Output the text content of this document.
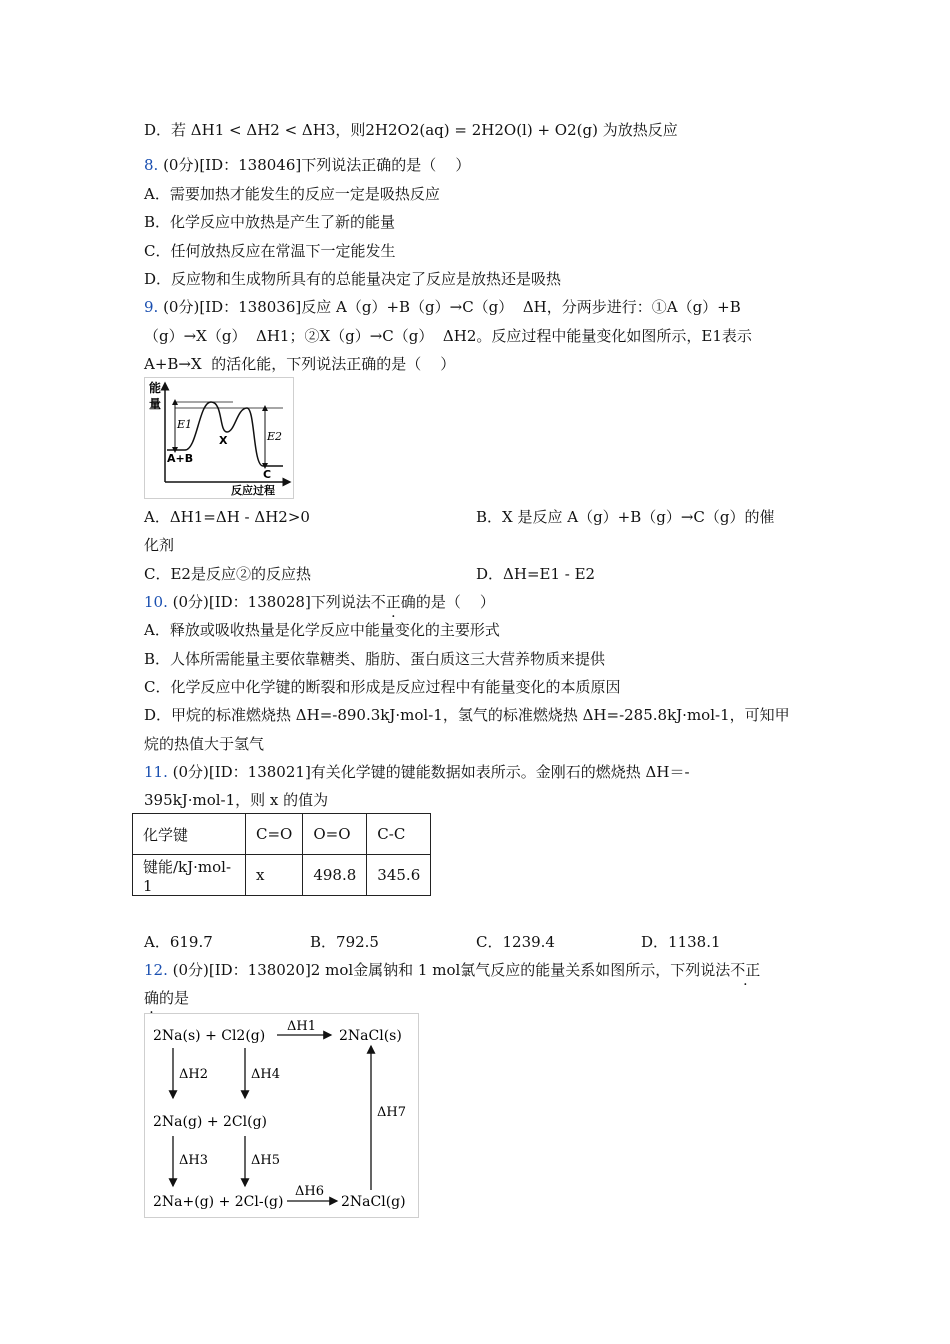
D．若 ΔH1 < ΔH2 < ΔH3，则2H2O2(aq) = 2H2O(l) + O2(g) 为放热反应
8. (0分)[ID：138046]下列说法正确的是（    ）
A．需要加热才能发生的反应一定是吸热反应
B．化学反应中放热是产生了新的能量
C．任何放热反应在常温下一定能发生
D．反应物和生成物所具有的总能量决定了反应是放热还是吸热
9. (0分)[ID：138036]反应 A（g）+B（g）→C（g）  ΔH，分两步进行：①A（g）+B
（g）→X（g）  ΔH1；②X（g）→C（g）  ΔH2。反应过程中能量变化如图所示，E1表示
A+B→X  的活化能，下列说法正确的是（    ）
能
量
E1
E2
X
A+B
C
反应过程
A．ΔH1=ΔH - ΔH2>0	B．X 是反应 A（g）+B（g）→C（g）的催
化剂
C．E2是反应②的反应热	D．ΔH=E1 - E2
10. (0分)[ID：138028]下列说法不正确的是（    ）
A．释放或吸收热量是化学反应中能量变化的主要形式
B．人体所需能量主要依靠糖类、脂肪、蛋白质这三大营养物质来提供
C．化学反应中化学键的断裂和形成是反应过程中有能量变化的本质原因
D．甲烷的标准燃烧热 ΔH=-890.3kJ·mol-1，氢气的标准燃烧热 ΔH=-285.8kJ·mol-1，可知甲
烷的热值大于氢气
11. (0分)[ID：138021]有关化学键的键能数据如表所示。金刚石的燃烧热 ΔH＝-
395kJ·mol-1，则 x 的值为
化学键	C=O	O=O	C-C
键能/kJ·mol-1	x	498.8	345.6
A．619.7	B．792.5	C．1239.4	D．1138.1
12. (0分)[ID：138020]2 mol金属钠和 1 mol氯气反应的能量关系如图所示，下列说法不正
确的是
2Na(s) + Cl2(g)	2NaCl(s)
ΔH1
ΔH2	ΔH4
2Na(g) + 2Cl(g)
ΔH3	ΔH5
2Na+(g) + 2Cl-(g)
ΔH6
2NaCl(g)
ΔH7
